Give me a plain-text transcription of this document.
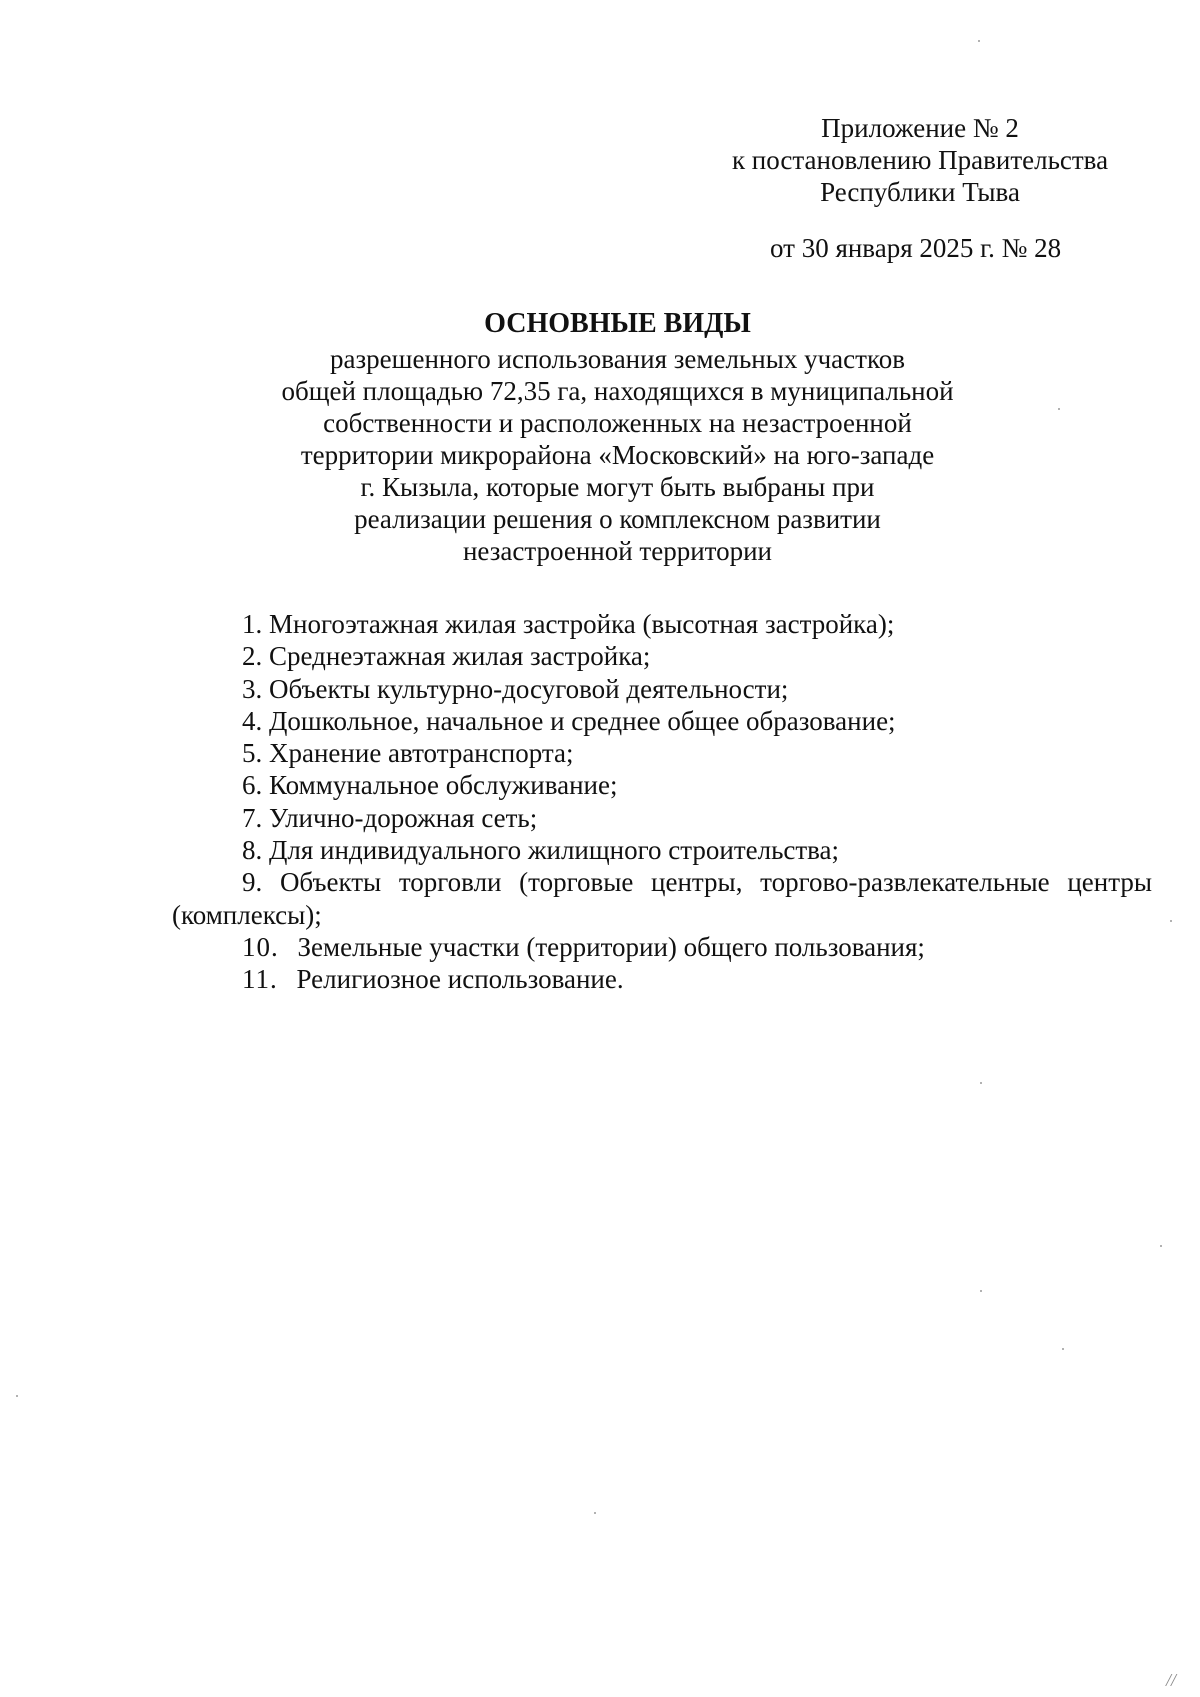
Приложение № 2
к постановлению Правительства
Республики Тыва
от 30 января 2025 г. № 28
ОСНОВНЫЕ ВИДЫ
разрешенного использования земельных участков
общей площадью 72,35 га, находящихся в муниципальной
собственности и расположенных на незастроенной
территории микрорайона «Московский» на юго-западе
г. Кызыла, которые могут быть выбраны при
реализации решения о комплексном развитии
незастроенной территории
1. Многоэтажная жилая застройка (высотная застройка);
2. Среднеэтажная жилая застройка;
3. Объекты культурно-досуговой деятельности;
4. Дошкольное, начальное и среднее общее образование;
5. Хранение автотранспорта;
6. Коммунальное обслуживание;
7. Улично-дорожная сеть;
8. Для индивидуального жилищного строительства;
9. Объекты торговли (торговые центры, торгово-развлекательные центры (комплексы);
10. Земельные участки (территории) общего пользования;
11. Религиозное использование.
//
